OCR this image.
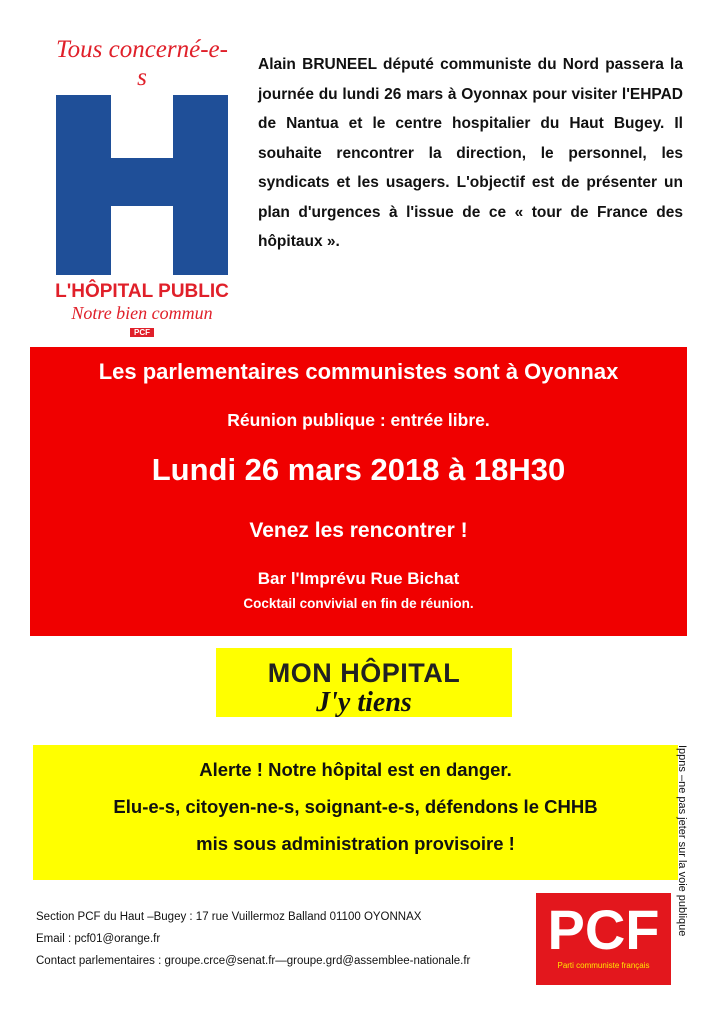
Tous concerné-e-s
L'HÔPITAL PUBLIC
Notre bien commun
PCF
Alain BRUNEEL député communiste du Nord passera la journée du lundi 26 mars à Oyonnax pour visiter l'EHPAD de Nantua et le centre hospitalier du Haut Bugey. Il souhaite rencontrer la direction, le personnel, les syndicats et les usagers. L'objectif est de présenter un plan d'urgences à l'issue de ce « tour de France des hôpitaux ».
Les parlementaires communistes sont à Oyonnax
Réunion publique : entrée libre.
Lundi 26 mars 2018 à 18H30
Venez les rencontrer !
Bar l'Imprévu Rue Bichat
Cocktail convivial en fin de réunion.
MON HÔPITAL
J'y tiens
Alerte ! Notre hôpital est en danger.
Elu-e-s, citoyen-ne-s, soignant-e-s, défendons le CHHB
mis sous administration provisoire !	Ippns –ne pas jeter sur la voie publique
Section PCF du Haut –Bugey : 17 rue Vuillermoz Balland 01100 OYONNAX
Email : pcf01@orange.fr
Contact parlementaires : groupe.crce@senat.fr—groupe.grd@assemblee-nationale.fr PCF
Parti communiste français
